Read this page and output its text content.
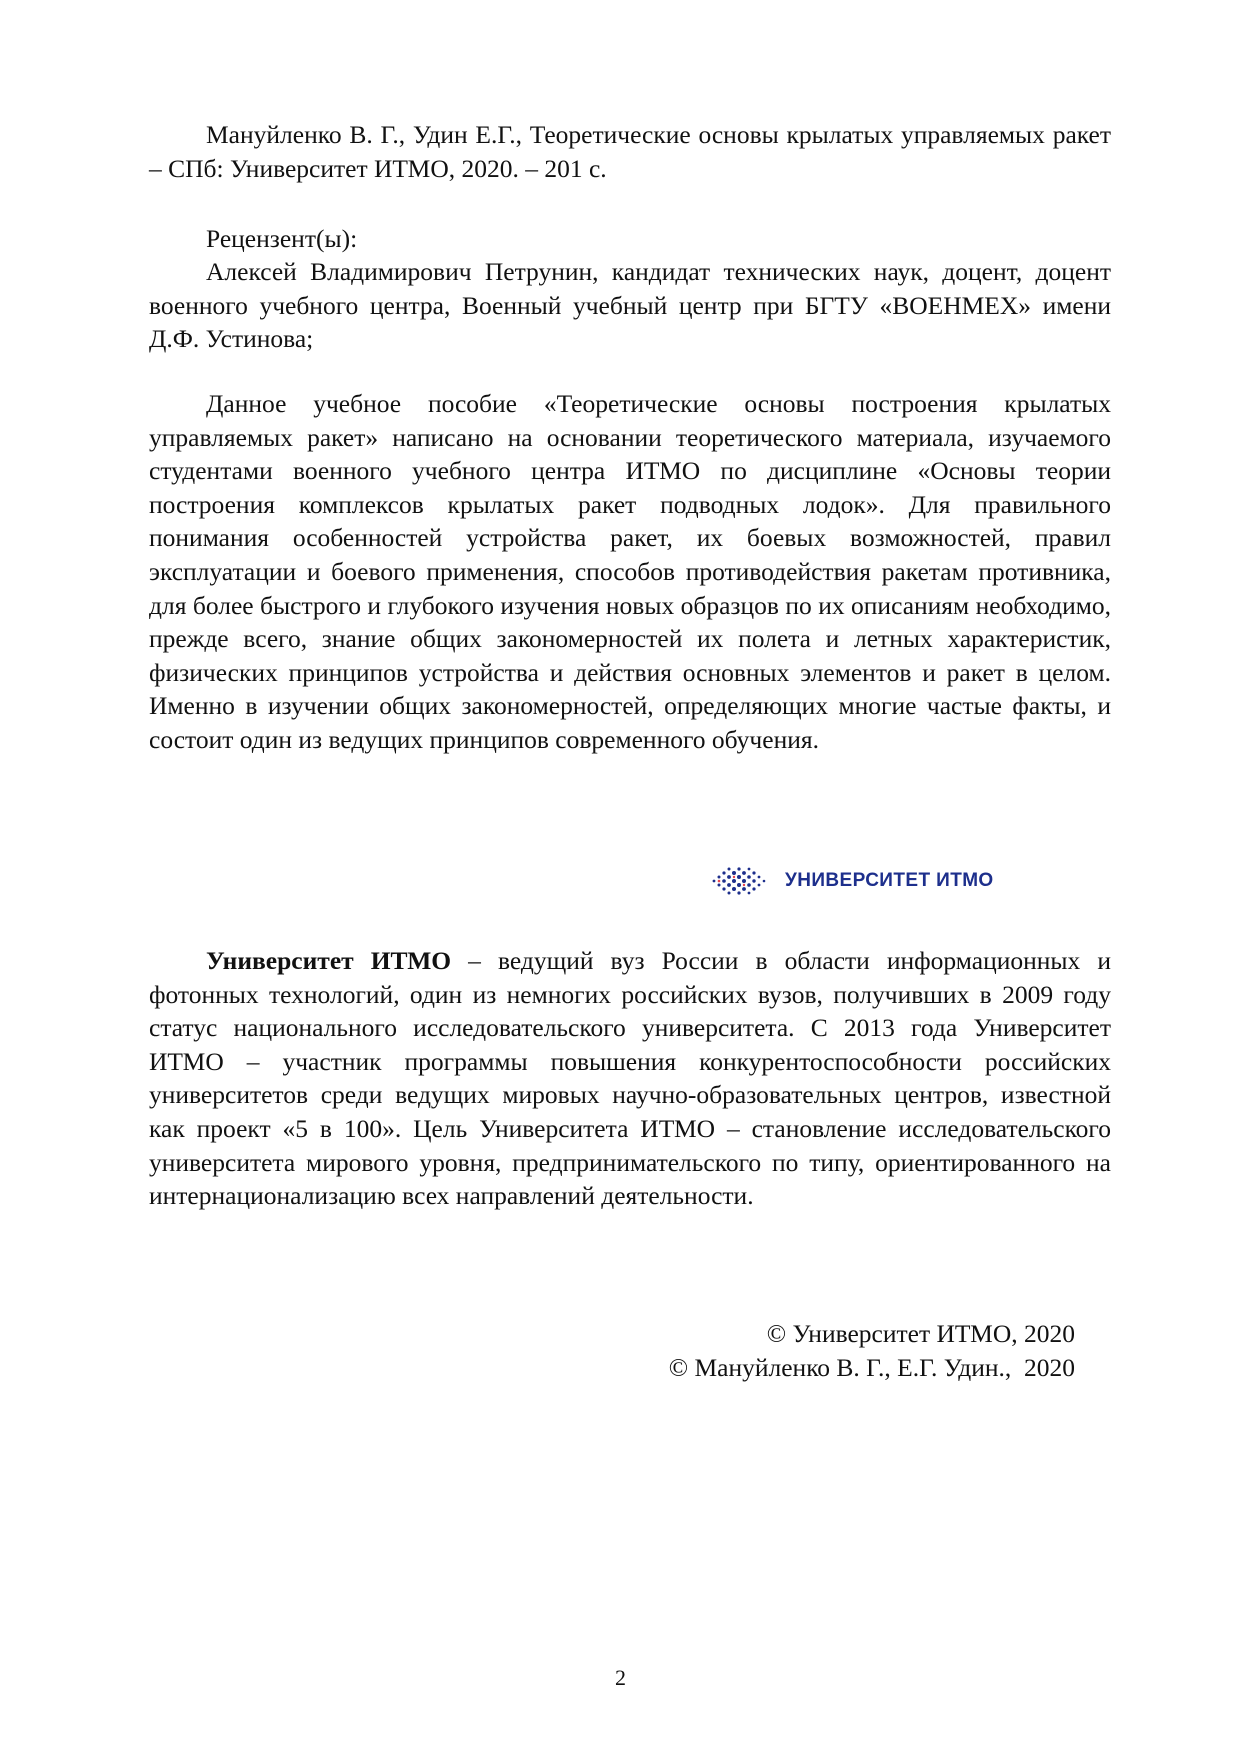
Мануйленко В. Г., Удин Е.Г., Теоретические основы крылатых управляемых ракет – СПб: Университет ИТМО, 2020. – 201 с.

Рецензент(ы):

Алексей Владимирович Петрунин, кандидат технических наук, доцент, доцент военного учебного центра, Военный учебный центр при БГТУ «ВОЕНМЕХ» имени Д.Ф. Устинова;

Данное учебное пособие «Теоретические основы построения крылатых управляемых ракет» написано на основании теоретического материала, изучаемого студентами военного учебного центра ИТМО по дисциплине «Основы теории построения комплексов крылатых ракет подводных лодок». Для правильного понимания особенностей устройства ракет, их боевых возможностей, правил эксплуатации и боевого применения, способов противодействия ракетам противника, для более быстрого и глубокого изучения новых образцов по их описаниям необходимо, прежде всего, знание общих закономерностей их полета и летных характеристик, физических принципов устройства и действия основных элементов и ракет в целом. Именно в изучении общих закономерностей, определяющих многие частые факты, и состоит один из ведущих принципов современного обучения.

УНИВЕРСИТЕТ ИТМО

Университет ИТМО – ведущий вуз России в области информационных и фотонных технологий, один из немногих российских вузов, получивших в 2009 году статус национального исследовательского университета. С 2013 года Университет ИТМО – участник программы повышения конкурентоспособности российских университетов среди ведущих мировых научно-образовательных центров, известной как проект «5 в 100». Цель Университета ИТМО – становление исследовательского университета мирового уровня, предпринимательского по типу, ориентированного на интернационализацию всех направлений деятельности.

© Университет ИТМО, 2020
© Мануйленко В. Г., Е.Г. Удин.,  2020
2
